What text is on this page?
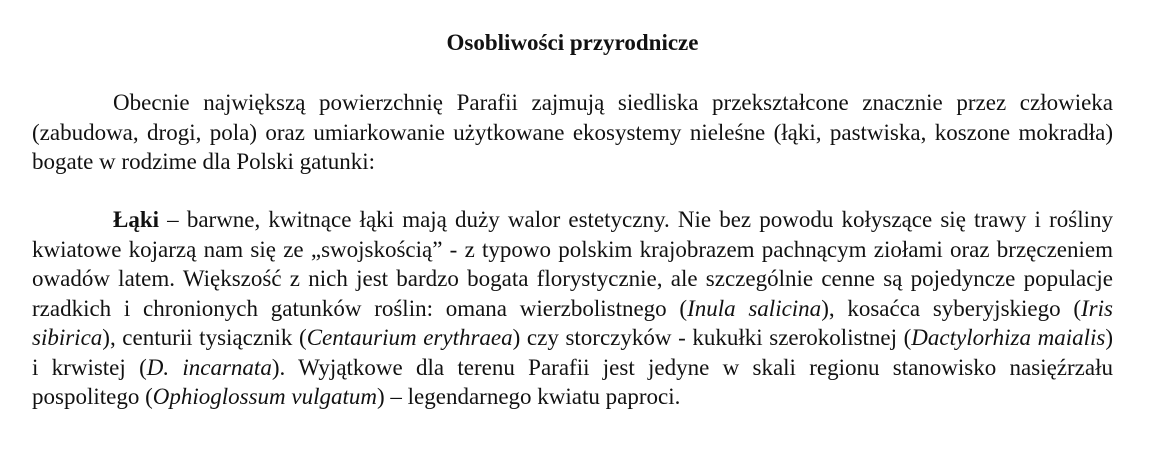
Osobliwości przyrodnicze

Obecnie największą powierzchnię Parafii zajmują siedliska przekształcone znacznie przez człowieka (zabudowa, drogi, pola) oraz umiarkowanie użytkowane ekosystemy nieleśne (łąki, pastwiska, koszone mokradła) bogate w rodzime dla Polski gatunki:

Łąki – barwne, kwitnące łąki mają duży walor estetyczny. Nie bez powodu kołyszące się trawy i rośliny kwiatowe kojarzą nam się ze „swojskością” - z typowo polskim krajobrazem pachnącym ziołami oraz brzęczeniem owadów latem. Większość z nich jest bardzo bogata florystycznie, ale szczególnie cenne są pojedyncze populacje rzadkich i chronionych gatunków roślin: omana wierzbolistnego (Inula salicina), kosaćca syberyjskiego (Iris sibirica), centurii tysiącznik (Centaurium erythraea) czy storczyków - kukułki szerokolistnej (Dactylorhiza maialis) i krwistej (D. incarnata). Wyjątkowe dla terenu Parafii jest jedyne w skali regionu stanowisko nasięźrzału pospolitego (Ophioglossum vulgatum) – legendarnego kwiatu paproci.
